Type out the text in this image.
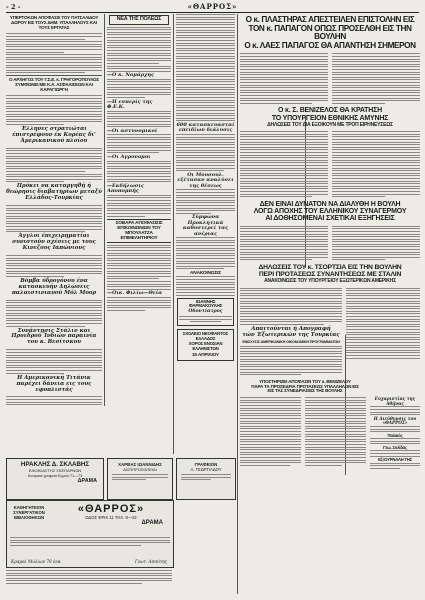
- 2 -	«ΘΑΡΡΟΣ»
ΥΠΕΡΤΟΚΩΝ ΑΠΟΦΑΣΙΣ ΤΟΥ ΠΑΤΣΑΛΙΔΟΥ ΔΩΡΟΥ ΕΙΣ ΤΟΥΣ ΔΗΜ. ΥΠΑΛΛΗΛΟΥΣ ΚΑΙ ΤΟΥΣ ΕΡΓΑΤΑΣ
Ο ΑΡΧΗΓΟΣ ΤΟΥ Γ.Σ.Ε. κ. ΓΡΗΓΟΡΟΠΟΥΛΟΣ ΣΥΜΦΩΝΕΙ ΜΕ Κ.Α. ΑΣΦΑΛΙΣΕΩΝ ΚΑΙ ΚΑΡΑΓΙΩΡΓΗ
Έλληνες στρατιώται έπιστρέφουν έκ Κορέας δι' Άμερικανικού πλοίου
Πρόκει να καταργηθή ή θεώρησις διαβατηρίων μεταξύ Ελλάδος-Τουρκίας
Άγγλοι έπιχειρηματίαι συνιστούν σχέσεις με τους Κινεζους Ιαπώνιους
Βόμβα ύδρογόνου ένα κατασκευήν Δηλώσεις παλαιστινιανού Μόλ Μοορ
Συνάντησις Στάλιν και Προεδρού Ίνδιών παραινία του κ. Βεσίτσκου
Η Αμερικανική Τιτάνικ παρέχει δάνεια εις τους εφοπλιστάς
ΝΕΑ ΤΗΣ ΠΟΛΕΩΣ
—Ο κ. Νομάρχης
—Η εσπερίς της Φ.Ε.Κ.
—Οι αστυνομικοί
—Οι Αγρονομοι
—Εκδήλωσις Αποπομπής
ΣΟΒΑΡΑ ΑΠΟΦΑΣΙΣΙΣ ΕΠΙΚΟΙΝΩΝΙΩΝ ΤΟΥ ΜΠΟΥΛΑΤΖΑ ΕΠΙΜΕΛΗΤΗΡΙΟΥ
—Οικ. Φιλίω—Θεία
600 κατασκευασταί επειδίων διάλυσις
Οι Μουσουλ. εξέτασαν αναλύσει της θέσεως
Σύμφωνα Προκλητικά καθυστερεί τας ανέριας
ΑΝΑΚΟΙΝΩΣΙΣ
ΙΩΑΝΝΗΣ ΦΑΡΜΑΚΟΥΛΗΣ
Οδοντίατρος
ΣΧΟΛΕΙΟ ΝΕΟΦΑΝΤΟΣ ΕΛΛΑΔΟΣ
ΧΟΡΟΣ ΕΝΟΣΙΑΝ ΕΛΛΗΝΙΣΤΩΝ
15 ΑΠΡΙΛΙΟΥ
Ο κ. ΠΛΑΣΤΗΡΑΣ ΑΠΕΣΤΕΙΛΕΝ ΕΠΙΣΤΟΛΗΝ ΕΙΣ
ΤΟΝ κ. ΠΑΠΑΓΟΝ ΟΠΩΣ ΠΡΟΣΕΛΘΗ ΕΙΣ ΤΗΝ ΒΟΥΛΗΝ
Ο κ. ΛΑΕΣ ΠΑΠΑΓΟΣ ΘΑ ΑΠΑΝΤΗΣΗ ΣΗΜΕΡΟΝ
Ο κ. Σ. ΒΕΝΙΖΕΛΟΣ ΘΑ ΚΡΑΤΗΣΗ
ΤΟ ΥΠΟΥΡΓΕΙΟΝ ΕΘΝΙΚΗΣ ΑΜΥΝΗΣ
ΔΗΛΩΣΕΙΣ ΤΟΥ ΔΙΑ ΕΞΟΙΚΟΥΝ ΜΕ ΤΡΟΠ ΕΙΡΗΝΕΥΣΕΩΣ
ΔΕΝ ΕΙΝΑΙ ΔΥΝΑΤΟΝ ΝΑ ΔΙΑΛΥΘΗ Η ΒΟΥΛΗ
ΛΟΓΩ ΑΠΟΧΗΣ ΤΟΥ ΕΛΛΗΝΙΚΟΥ ΣΥΝΑΓΕΡΜΟΥ
ΑΙ ΔΟΘΗΣΟΜΕΝΑΙ ΣΧΕΤΙΚΑΙ ΕΞΗΓΗΣΕΙΣ
ΔΗΛΩΣΕΙΣ ΤΟΥ κ. ΤΣΟΡΤΣΙΑ ΕΙΣ ΤΗΝ ΒΟΥΛΗΝ
ΠΕΡΙ ΠΡΟΤΑΣΕΩΣ ΣΥΝΑΝΤΗΣΕΩΣ ΜΕ ΣΤΑΛΙΝ
ΑΝΑΚΟΙΝΩΣΙΣ ΤΟΥ ΥΠΟΥΡΓΕΙΟΥ ΕΞΩΤΕΡΙΚΩΝ ΑΜΕΡΙΚΗΣ
Απαιτούνται ή Απογραφή
τών Έξωτερικών της Τουρκίας
ΕΝΙΣΧΥΣΙΣ ΑΜΕΡΙΚΑΝΙΚΗ ΟΙΚΟΝΟΜΙΚΗ ΠΡΟΓΡΑΜΜΑΤΩΝ
ΥΠΟΣΤΗΡΙΖΕΙ ΑΠΟΦΑΣΙΝ ΤΟΥ κ. ΒΕΝΙΖΕΛΟΥ
ΠΑΡΑ ΤΑ ΠΡΟΣΕΔΡΙΑ ΠΡΟΤΑΣΕΩΣ ΥΠΑΛΛΗΛΩΝ ΕΙΣ
ΕΙΣ ΤΑΣ ΣΥΝΕΔΡΙΑΣΕΙΣ ΤΗΣ ΒΟΥΛΗΣ
Ευχαριστίας της Αθήνας
Η Διεύθυνσις του «ΘΑΡΡΟΣ»
Παλαιός
Γεω. Σολίδας
Εξ ΙΟΥΡΝΑΛΗ ΤΗΣ
ΗΡΑΚΛΗΣ Δ. ΣΚΛΑΒΗΣ
ΕΝΟΙΚΙΑΣΤΗΣ ΣΚΕΠΑΡΝΩΝ
Κεντρικά γραφεία Ερμού 71—73
ΔΡΑΜΑ
ΚΑΘΗΓΗΤΕΙΟΝ ΣΥΝΕΡΓΑΤΙΚΟΝ ΒΙΒΛΙΟΘΗΚΩΝ
«ΘΑΡΡΟΣ»
ΟΔΟΣ ΦΡΙΚ 11 ΤΗΛ. 8—22
ΔΡΑΜΑ
Κραμαί Μυλίων 78 ένα	Γεωτ. Ασσότης
ΧΑΡΒΑΣ ΙΩΑΝΝΙΔΗΣ
ΑΝΤΙΠΡΟΣΩΠΕΙΑΙ
ΓΡΑΦΕΙΟΝ
Α. ΓΕΩΡΓΙΑΔΟΥ
